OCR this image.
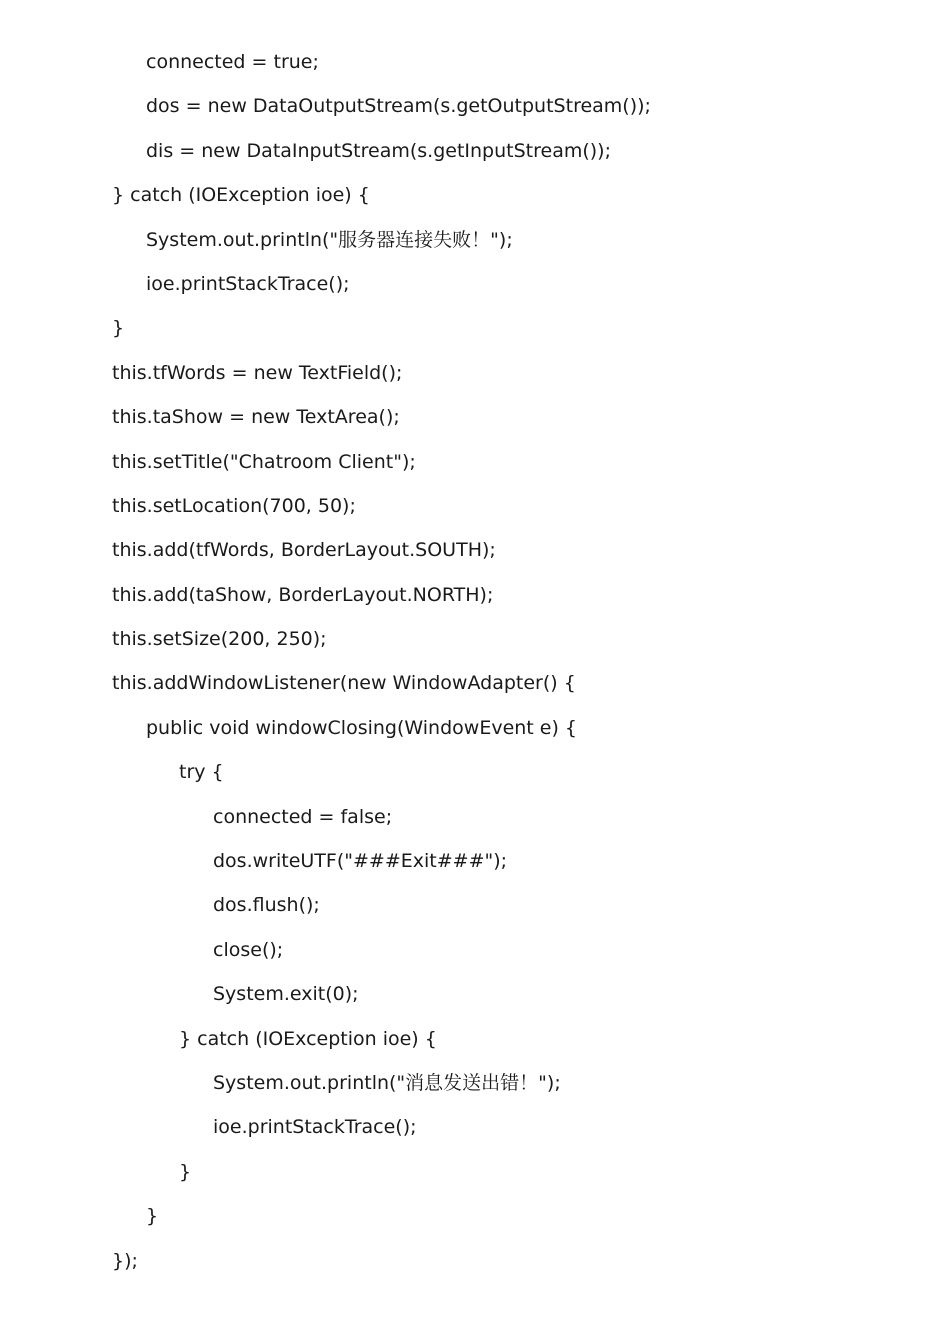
connected = true;
dos = new DataOutputStream(s.getOutputStream());
dis = new DataInputStream(s.getInputStream());
} catch (IOException ioe) {
System.out.println("服务器连接失败！");
ioe.printStackTrace();
}
this.tfWords = new TextField();
this.taShow = new TextArea();
this.setTitle("Chatroom Client");
this.setLocation(700, 50);
this.add(tfWords, BorderLayout.SOUTH);
this.add(taShow, BorderLayout.NORTH);
this.setSize(200, 250);
this.addWindowListener(new WindowAdapter() {
public void windowClosing(WindowEvent e) {
try {
connected = false;
dos.writeUTF("###Exit###");
dos.flush();
close();
System.exit(0);
} catch (IOException ioe) {
System.out.println("消息发送出错！");
ioe.printStackTrace();
}
}
});
